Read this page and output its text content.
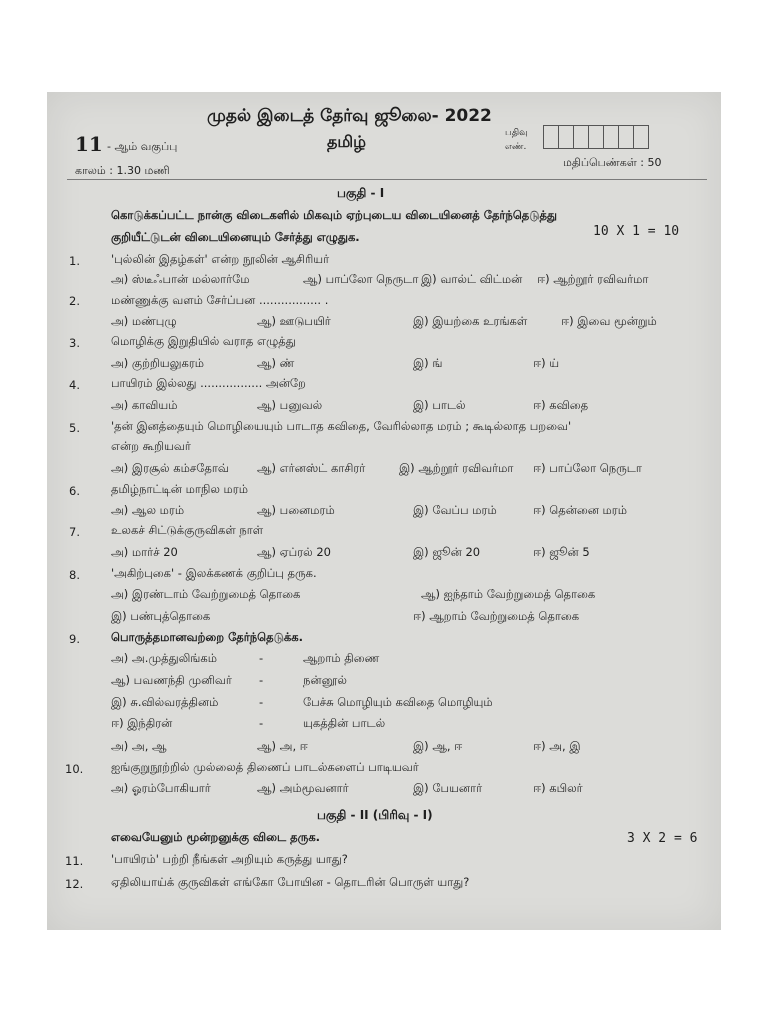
முதல் இடைத் தேர்வு ஜூலை- 2022
தமிழ்
11 - ஆம் வகுப்பு
பதிவு
எண்.
காலம் : 1.30 மணி
மதிப்பெண்கள் : 50
பகுதி - I
கொடுக்கப்பட்ட நான்கு விடைகளில் மிகவும் ஏற்புடைய விடையினைத் தேர்ந்தெடுத்து
குறியீட்டுடன் விடையினையும் சேர்த்து எழுதுக.	10 X 1 = 10
1.	'புல்லின் இதழ்கள்' என்ற நூலின் ஆசிரியர்
அ) ஸ்டீஃபான் மல்லார்மே	ஆ) பாப்லோ நெருடா இ) வால்ட் விட்மன் ஈ) ஆற்றூர் ரவிவர்மா
2.	மண்ணுக்கு வளம் சேர்ப்பன ................. .
அ) மண்புழு	ஆ) ஊடுபயிர்	இ) இயற்கை உரங்கள்	ஈ) இவை மூன்றும்
3.	மொழிக்கு இறுதியில் வராத எழுத்து
அ) குற்றியலுகரம்	ஆ) ண்	இ) ங்	ஈ) ய்
4.	பாயிரம் இல்லது ................. அன்றே
அ) காவியம்	ஆ) பனுவல்	இ) பாடல்	ஈ) கவிதை
5.	'தன் இனத்தையும் மொழியையும் பாடாத கவிதை, வேரில்லாத மரம் ; கூடில்லாத பறவை'
என்ற கூறியவர்
அ) இரசூல் கம்சதோவ் ஆ) எர்னஸ்ட் காசிரர்	இ) ஆற்றூர் ரவிவர்மா ஈ) பாப்லோ நெருடா
6.	தமிழ்நாட்டின் மாநில மரம்
அ) ஆல மரம்	ஆ) பனைமரம்	இ) வேப்ப மரம்	ஈ) தென்னை மரம்
7.	உலகச் சிட்டுக்குருவிகள் நாள்
அ) மார்ச் 20	ஆ) ஏப்ரல் 20	இ) ஜூன் 20	ஈ) ஜூன் 5
8.	'அகிற்புகை' - இலக்கணக் குறிப்பு தருக.
அ) இரண்டாம் வேற்றுமைத் தொகை	ஆ) ஐந்தாம் வேற்றுமைத் தொகை
இ) பண்புத்தொகை	ஈ) ஆறாம் வேற்றுமைத் தொகை
9.	பொருத்தமானவற்றை தேர்ந்தெடுக்க.
அ) அ.முத்துலிங்கம்	-	ஆறாம் திணை
ஆ) பவணந்தி முனிவர் -	நன்னூல்
இ) சு.வில்வரத்தினம்	-	பேச்சு மொழியும் கவிதை மொழியும்
ஈ) இந்திரன்	-	யுகத்தின் பாடல்
அ) அ, ஆ	ஆ) அ, ஈ	இ) ஆ, ஈ	ஈ) அ, இ
10. ஐங்குறுநூற்றில் முல்லைத் திணைப் பாடல்களைப் பாடியவர்
அ) ஓரம்போகியார்	ஆ) அம்மூவனார்	இ) பேயனார்	ஈ) கபிலர்
பகுதி - II (பிரிவு - I)
எவையேனும் மூன்றனுக்கு விடை தருக.	3 X 2 = 6
11. 'பாயிரம்' பற்றி நீங்கள் அறியும் கருத்து யாது?
12. ஏதிலியாய்க் குருவிகள் எங்கோ போயின - தொடரின் பொருள் யாது?
